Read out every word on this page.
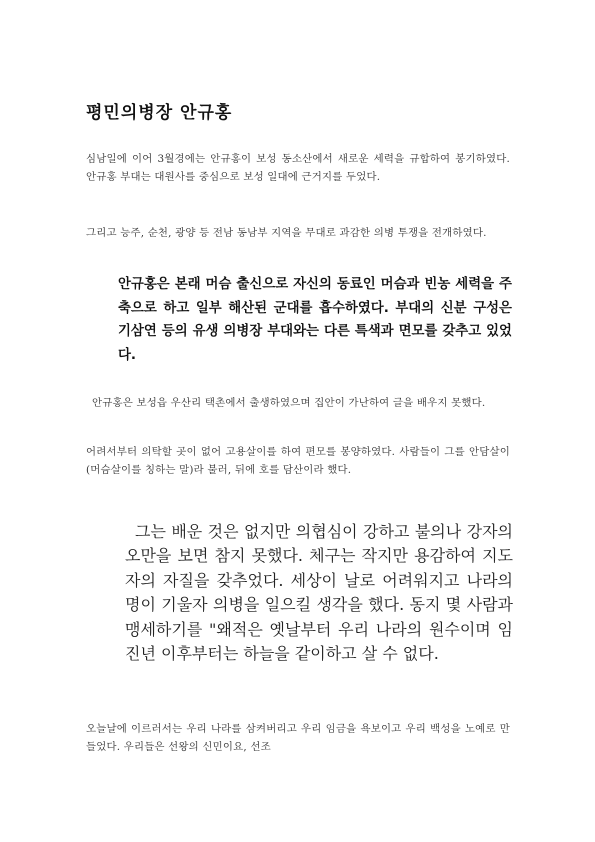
평민의병장 안규홍
심남일에 이어 3월경에는 안규홍이 보성 동소산에서 새로운 세력을 규합하여 봉기하였다. 안규홍 부대는 대원사를 중심으로 보성 일대에 근거지를 두었다.
그리고 능주, 순천, 광양 등 전남 동남부 지역을 무대로 과감한 의병 투쟁을 전개하였다.
안규홍은 본래 머슴 출신으로 자신의 동료인 머슴과 빈농 세력을 주축으로 하고 일부 해산된 군대를 흡수하였다. 부대의 신분 구성은 기삼연 등의 유생 의병장 부대와는 다른 특색과 면모를 갖추고 있었다.
안규홍은 보성읍 우산리 택촌에서 출생하였으며 집안이 가난하여 글을 배우지 못했다.
어려서부터 의탁할 곳이 없어 고용살이를 하여 편모를 봉양하였다. 사람들이 그를 안담살이(머슴살이를 칭하는 말)라 불러, 뒤에 호를 담산이라 했다.
그는 배운 것은 없지만 의협심이 강하고 불의나 강자의 오만을 보면 참지 못했다. 체구는 작지만 용감하여 지도자의 자질을 갖추었다. 세상이 날로 어려워지고 나라의 명이 기울자 의병을 일으킬 생각을 했다. 동지 몇 사람과 맹세하기를 "왜적은 옛날부터 우리 나라의 원수이며 임진년 이후부터는 하늘을 같이하고 살 수 없다.
오늘날에 이르러서는 우리 나라를 삼켜버리고 우리 임금을 욕보이고 우리 백성을 노예로 만들었다. 우리들은 선왕의 신민이요, 선조
